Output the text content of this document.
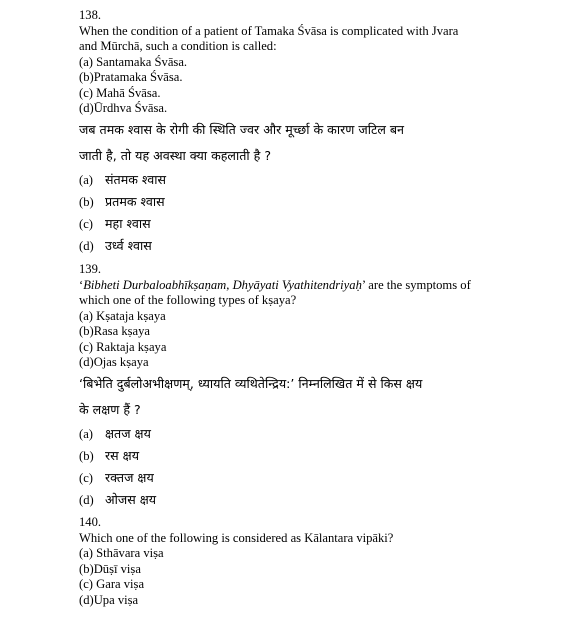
138.
When the condition of a patient of Tamaka Śvāsa is complicated with Jvara
and Mūrchā, such a condition is called:
(a)
Santamaka Śvāsa.
(b) Pratamaka Śvāsa.
(c)
Mahā Śvāsa.
(d) Ūrdhva Śvāsa.
जब तमक श्वास के रोगी की स्थिति ज्वर और मूर्च्छा के कारण जटिल बन
जाती है, तो यह अवस्था क्या कहलाती है ?
(a) संतमक श्वास
(b) प्रतमक श्वास
(c) महा श्वास
(d) उर्ध्व श्वास
139.
‘Bibheti Durbaloabhīkṣaṇam, Dhyāyati Vyathitendriyaḥ’ are the symptoms of
which one of the following types of kṣaya?
(a)
Kṣataja kṣaya
(b) Rasa kṣaya
(c)
Raktaja kṣaya
(d) Ojas kṣaya
‘बिभेति दुर्बलोअभीक्षणम्, ध्यायति व्यथितेन्द्रिय:’ निम्नलिखित में से किस क्षय
के लक्षण हैं ?
(a) क्षतज क्षय
(b) रस क्षय
(c) रक्तज क्षय
(d) ओजस क्षय
140.
Which one of the following is considered as Kālantara vipāki?
(a)
Sthāvara viṣa
(b) Dūṣī viṣa
(c)
Gara viṣa
(d) Upa viṣa
